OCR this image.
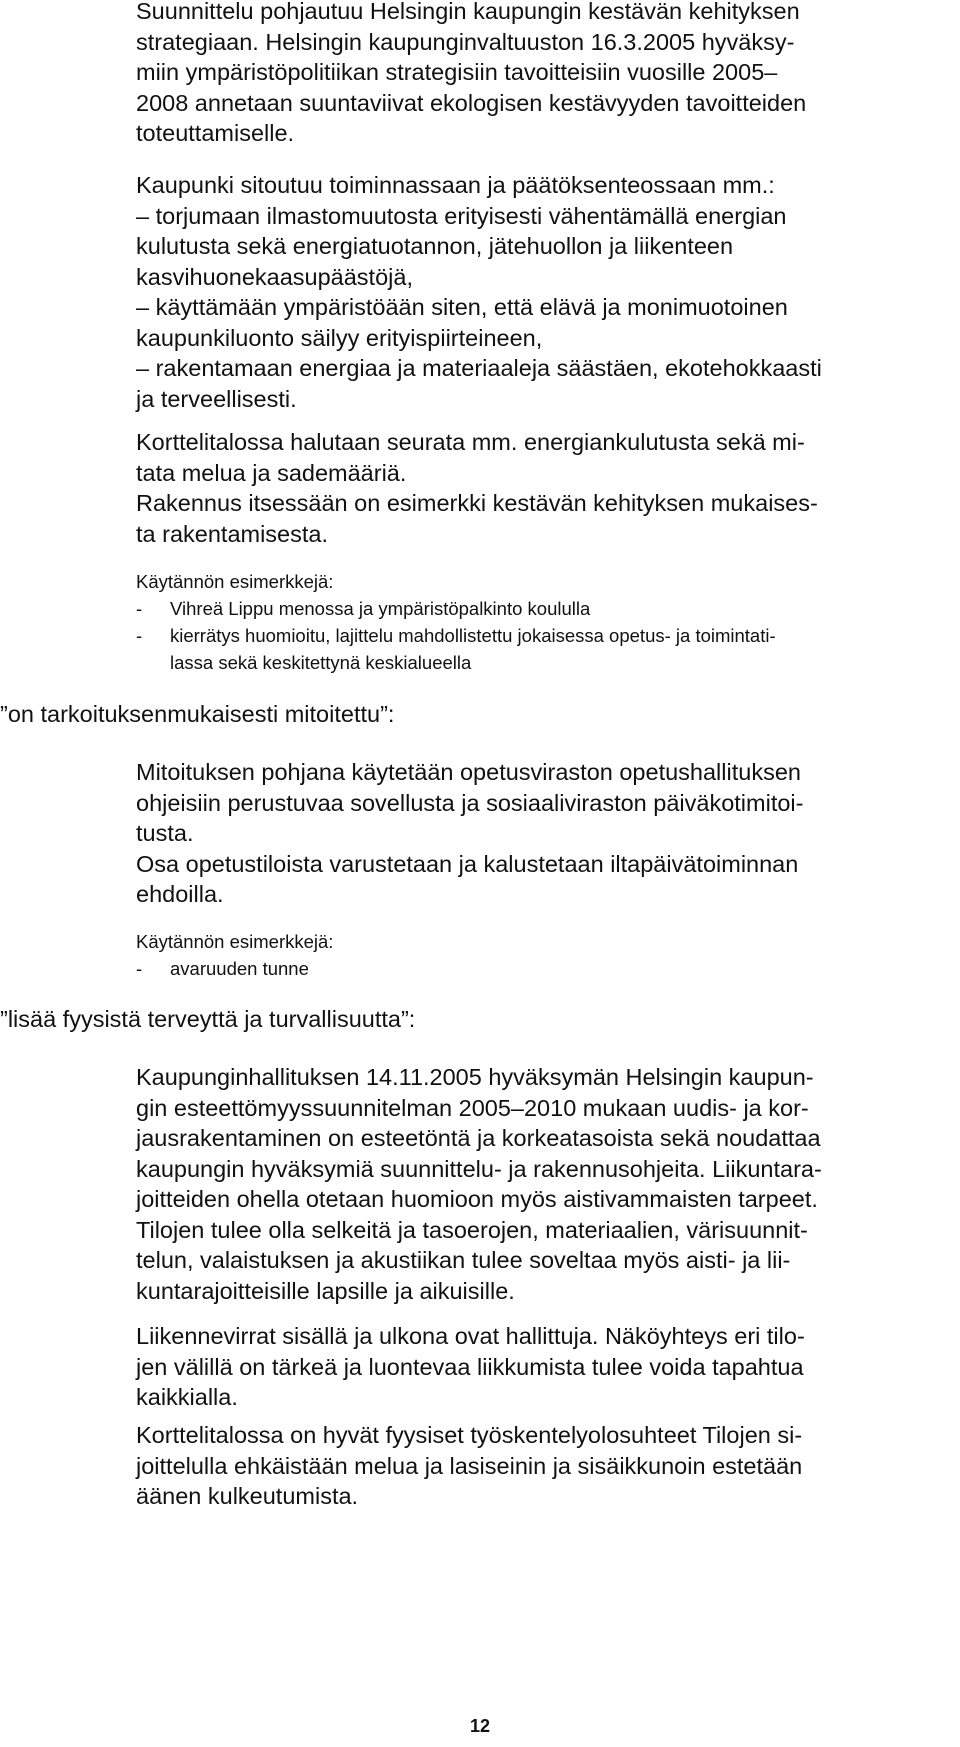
Suunnittelu pohjautuu Helsingin kaupungin kestävän kehityksen
strategiaan. Helsingin kaupunginvaltuuston 16.3.2005 hyväksy-
miin ympäristöpolitiikan strategisiin tavoitteisiin vuosille 2005–
2008 annetaan suuntaviivat ekologisen kestävyyden tavoitteiden
toteuttamiselle.
Kaupunki sitoutuu toiminnassaan ja päätöksenteossaan mm.:
– torjumaan ilmastomuutosta erityisesti vähentämällä energian
kulutusta sekä energiatuotannon, jätehuollon ja liikenteen
kasvihuonekaasupäästöjä,
– käyttämään ympäristöään siten, että elävä ja monimuotoinen
kaupunkiluonto säilyy erityispiirteineen,
– rakentamaan energiaa ja materiaaleja säästäen, ekotehokkaasti
ja terveellisesti.
Korttelitalossa halutaan seurata mm. energiankulutusta sekä mi-
tata melua ja sademääriä.
Rakennus itsessään on esimerkki kestävän kehityksen mukaises-
ta rakentamisesta.
Käytännön esimerkkejä:
- Vihreä Lippu menossa ja ympäristöpalkinto koululla
- kierrätys huomioitu, lajittelu mahdollistettu jokaisessa opetus- ja toimintati-
lassa sekä keskitettynä keskialueella
”on tarkoituksenmukaisesti mitoitettu”:
Mitoituksen pohjana käytetään opetusviraston opetushallituksen
ohjeisiin perustuvaa sovellusta ja sosiaaliviraston päiväkotimitoi-
tusta.
Osa opetustiloista varustetaan ja kalustetaan iltapäivätoiminnan
ehdoilla.
Käytännön esimerkkejä:
- avaruuden tunne
”lisää fyysistä terveyttä ja turvallisuutta”:
Kaupunginhallituksen 14.11.2005 hyväksymän Helsingin kaupun-
gin esteettömyyssuunnitelman 2005–2010 mukaan uudis- ja kor-
jausrakentaminen on esteetöntä ja korkeatasoista sekä noudattaa
kaupungin hyväksymiä suunnittelu- ja rakennusohjeita. Liikuntara-
joitteiden ohella otetaan huomioon myös aistivammaisten tarpeet.
Tilojen tulee olla selkeitä ja tasoerojen, materiaalien, värisuunnit-
telun, valaistuksen ja akustiikan tulee soveltaa myös aisti- ja lii-
kuntarajoitteisille lapsille ja aikuisille.
Liikennevirrat sisällä ja ulkona ovat hallittuja. Näköyhteys eri tilo-
jen välillä on tärkeä ja luontevaa liikkumista tulee voida tapahtua
kaikkialla.
Korttelitalossa on hyvät fyysiset työskentelyolosuhteet Tilojen si-
joittelulla ehkäistään melua ja lasiseinin ja sisäikkunoin estetään
äänen kulkeutumista.
12
